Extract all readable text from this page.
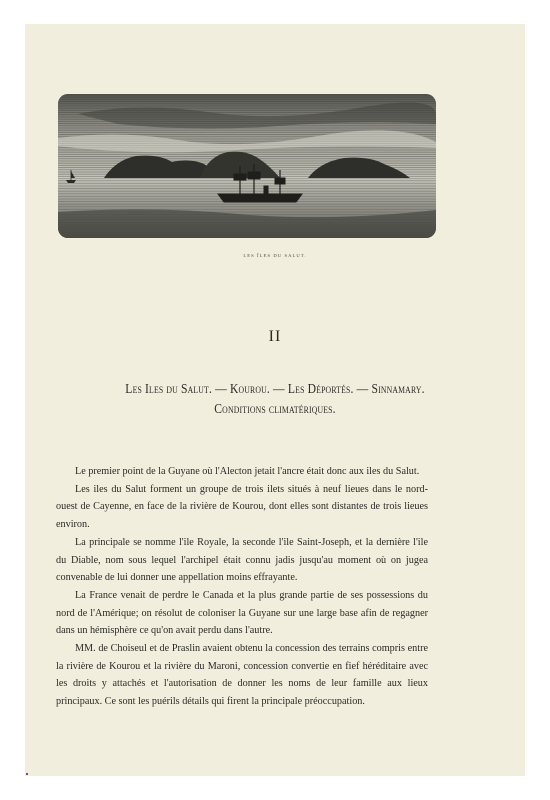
LES ÎLES DU SALUT.
II
Les Iles du Salut. — Kourou. — Les Déportés. — Sinnamary.
Conditions climatériques.

Le premier point de la Guyane où l'Alecton jetait l'ancre était donc aux iles du Salut.

Les iles du Salut forment un groupe de trois ilets situés à neuf lieues dans le nord-ouest de Cayenne, en face de la rivière de Kourou, dont elles sont distantes de trois lieues environ.

La principale se nomme l'ile Royale, la seconde l'ile Saint-Joseph, et la dernière l'ile du Diable, nom sous lequel l'archipel était connu jadis jusqu'au moment où on jugea convenable de lui donner une appellation moins effrayante.

La France venait de perdre le Canada et la plus grande partie de ses possessions du nord de l'Amérique; on résolut de coloniser la Guyane sur une large base afin de regagner dans un hémisphère ce qu'on avait perdu dans l'autre.

MM. de Choiseul et de Praslin avaient obtenu la concession des terrains compris entre la rivière de Kourou et la rivière du Maroni, concession convertie en fief héréditaire avec les droits y attachés et l'autorisation de donner les noms de leur famille aux lieux principaux. Ce sont les puérils détails qui firent la principale préoccupation.
